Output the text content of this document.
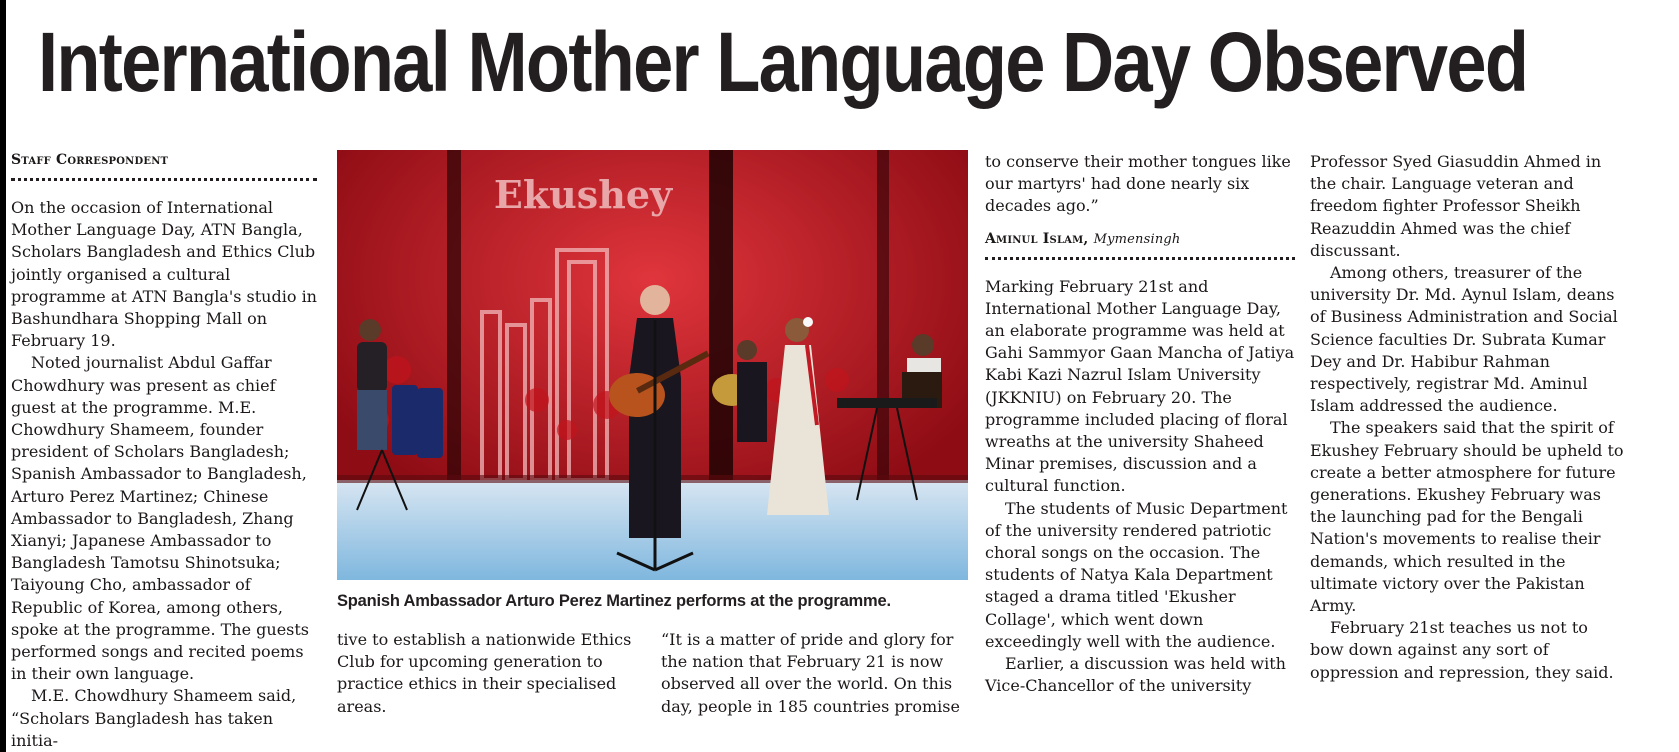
International Mother Language Day Observed
Staff Correspondent

On the occasion of International Mother Language Day, ATN Bangla, Scholars Bangladesh and Ethics Club jointly organised a cultural programme at ATN Bangla's studio in Bashundhara Shopping Mall on February 19.

Noted journalist Abdul Gaffar Chowdhury was present as chief guest at the programme. M.E. Chowdhury Shameem, founder president of Scholars Bangladesh; Spanish Ambassador to Bangladesh, Arturo Perez Martinez; Chinese Ambassador to Bangladesh, Zhang Xianyi; Japanese Ambassador to Bangladesh Tamotsu Shinotsuka; Taiyoung Cho, ambassador of Republic of Korea, among others, spoke at the programme. The guests performed songs and recited poems in their own language.

M.E. Chowdhury Shameem said, “Scholars Bangladesh has taken initia-

Ekushey
Spanish Ambassador Arturo Perez Martinez performs at the programme.

tive to establish a nationwide Ethics Club for upcoming generation to practice ethics in their specialised areas.

“It is a matter of pride and glory for the nation that February 21 is now observed all over the world. On this day, people in 185 countries promise

to conserve their mother tongues like our martyrs' had done nearly six decades ago.”

Aminul Islam, Mymensingh

Marking February 21st and International Mother Language Day, an elaborate programme was held at Gahi Sammyor Gaan Mancha of Jatiya Kabi Kazi Nazrul Islam University (JKKNIU) on February 20. The programme included placing of floral wreaths at the university Shaheed Minar premises, discussion and a cultural function.

The students of Music Department of the university rendered patriotic choral songs on the occasion. The students of Natya Kala Department staged a drama titled 'Ekusher Collage', which went down exceedingly well with the audience.

Earlier, a discussion was held with Vice-Chancellor of the university

Professor Syed Giasuddin Ahmed in the chair. Language veteran and freedom fighter Professor Sheikh Reazuddin Ahmed was the chief discussant.

Among others, treasurer of the university Dr. Md. Aynul Islam, deans of Business Administration and Social Science faculties Dr. Subrata Kumar Dey and Dr. Habibur Rahman respectively, registrar Md. Aminul Islam addressed the audience.

The speakers said that the spirit of Ekushey February should be upheld to create a better atmosphere for future generations. Ekushey February was the launching pad for the Bengali Nation's movements to realise their demands, which resulted in the ultimate victory over the Pakistan Army.

February 21st teaches us not to bow down against any sort of oppression and repression, they said.
